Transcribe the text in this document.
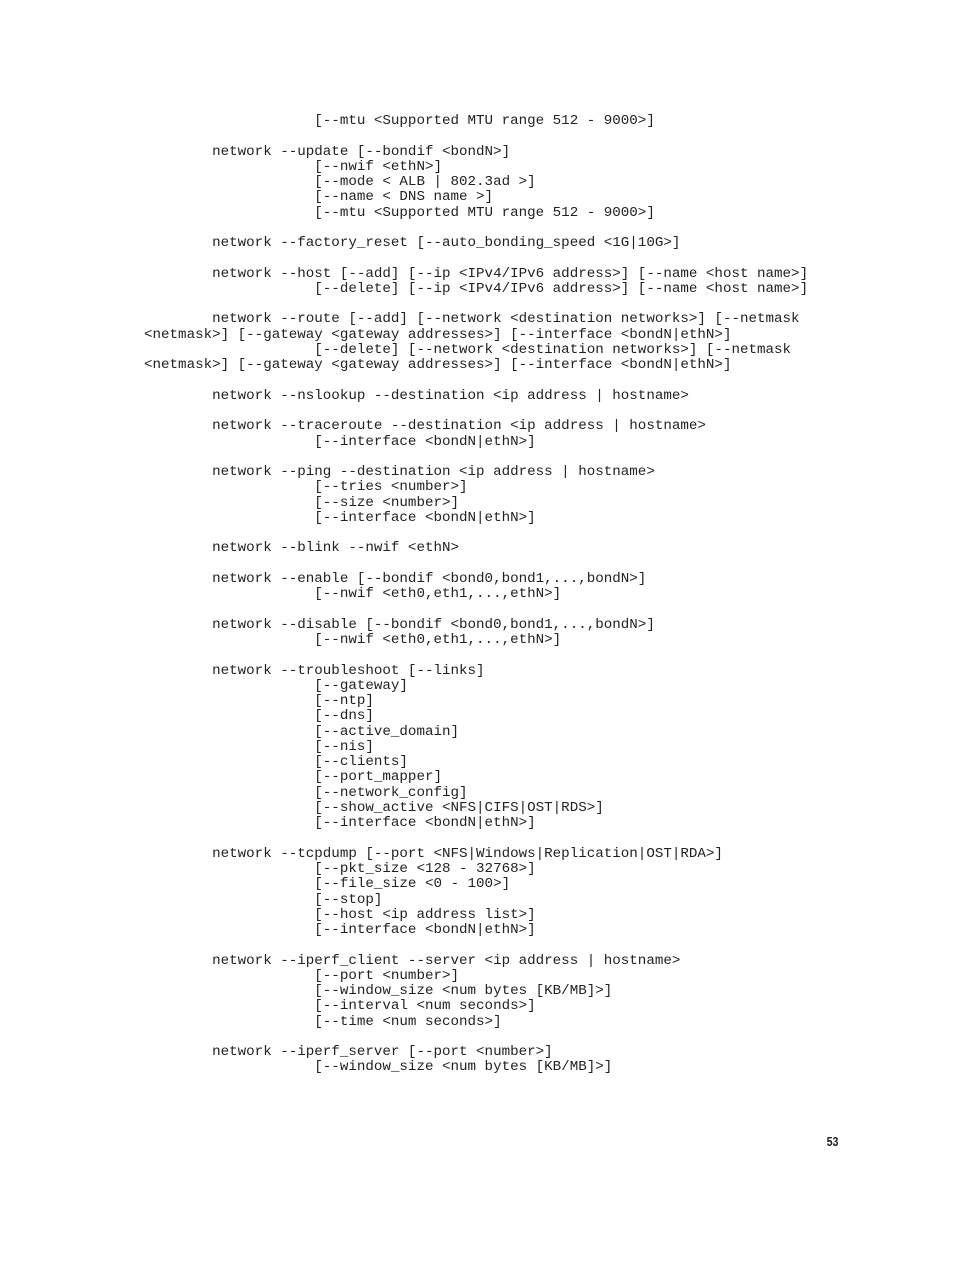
[--mtu <Supported MTU range 512 - 9000>]
network --update [--bondif <bondN>]
[--nwif <ethN>]
[--mode < ALB | 802.3ad >]
[--name < DNS name >]
[--mtu <Supported MTU range 512 - 9000>]
network --factory_reset [--auto_bonding_speed <1G|10G>]
network --host [--add] [--ip <IPv4/IPv6 address>] [--name <host name>]
[--delete] [--ip <IPv4/IPv6 address>] [--name <host name>]
network --route [--add] [--network <destination networks>] [--netmask
<netmask>] [--gateway <gateway addresses>] [--interface <bondN|ethN>]
[--delete] [--network <destination networks>] [--netmask
<netmask>] [--gateway <gateway addresses>] [--interface <bondN|ethN>]
network --nslookup --destination <ip address | hostname>
network --traceroute --destination <ip address | hostname>
[--interface <bondN|ethN>]
network --ping --destination <ip address | hostname>
[--tries <number>]
[--size <number>]
[--interface <bondN|ethN>]
network --blink --nwif <ethN>
network --enable [--bondif <bond0,bond1,...,bondN>]
[--nwif <eth0,eth1,...,ethN>]
network --disable [--bondif <bond0,bond1,...,bondN>]
[--nwif <eth0,eth1,...,ethN>]
network --troubleshoot [--links]
[--gateway]
[--ntp]
[--dns]
[--active_domain]
[--nis]
[--clients]
[--port_mapper]
[--network_config]
[--show_active <NFS|CIFS|OST|RDS>]
[--interface <bondN|ethN>]
network --tcpdump [--port <NFS|Windows|Replication|OST|RDA>]
[--pkt_size <128 - 32768>]
[--file_size <0 - 100>]
[--stop]
[--host <ip address list>]
[--interface <bondN|ethN>]
network --iperf_client --server <ip address | hostname>
[--port <number>]
[--window_size <num bytes [KB/MB]>]
[--interval <num seconds>]
[--time <num seconds>]
network --iperf_server [--port <number>]
[--window_size <num bytes [KB/MB]>]
53
